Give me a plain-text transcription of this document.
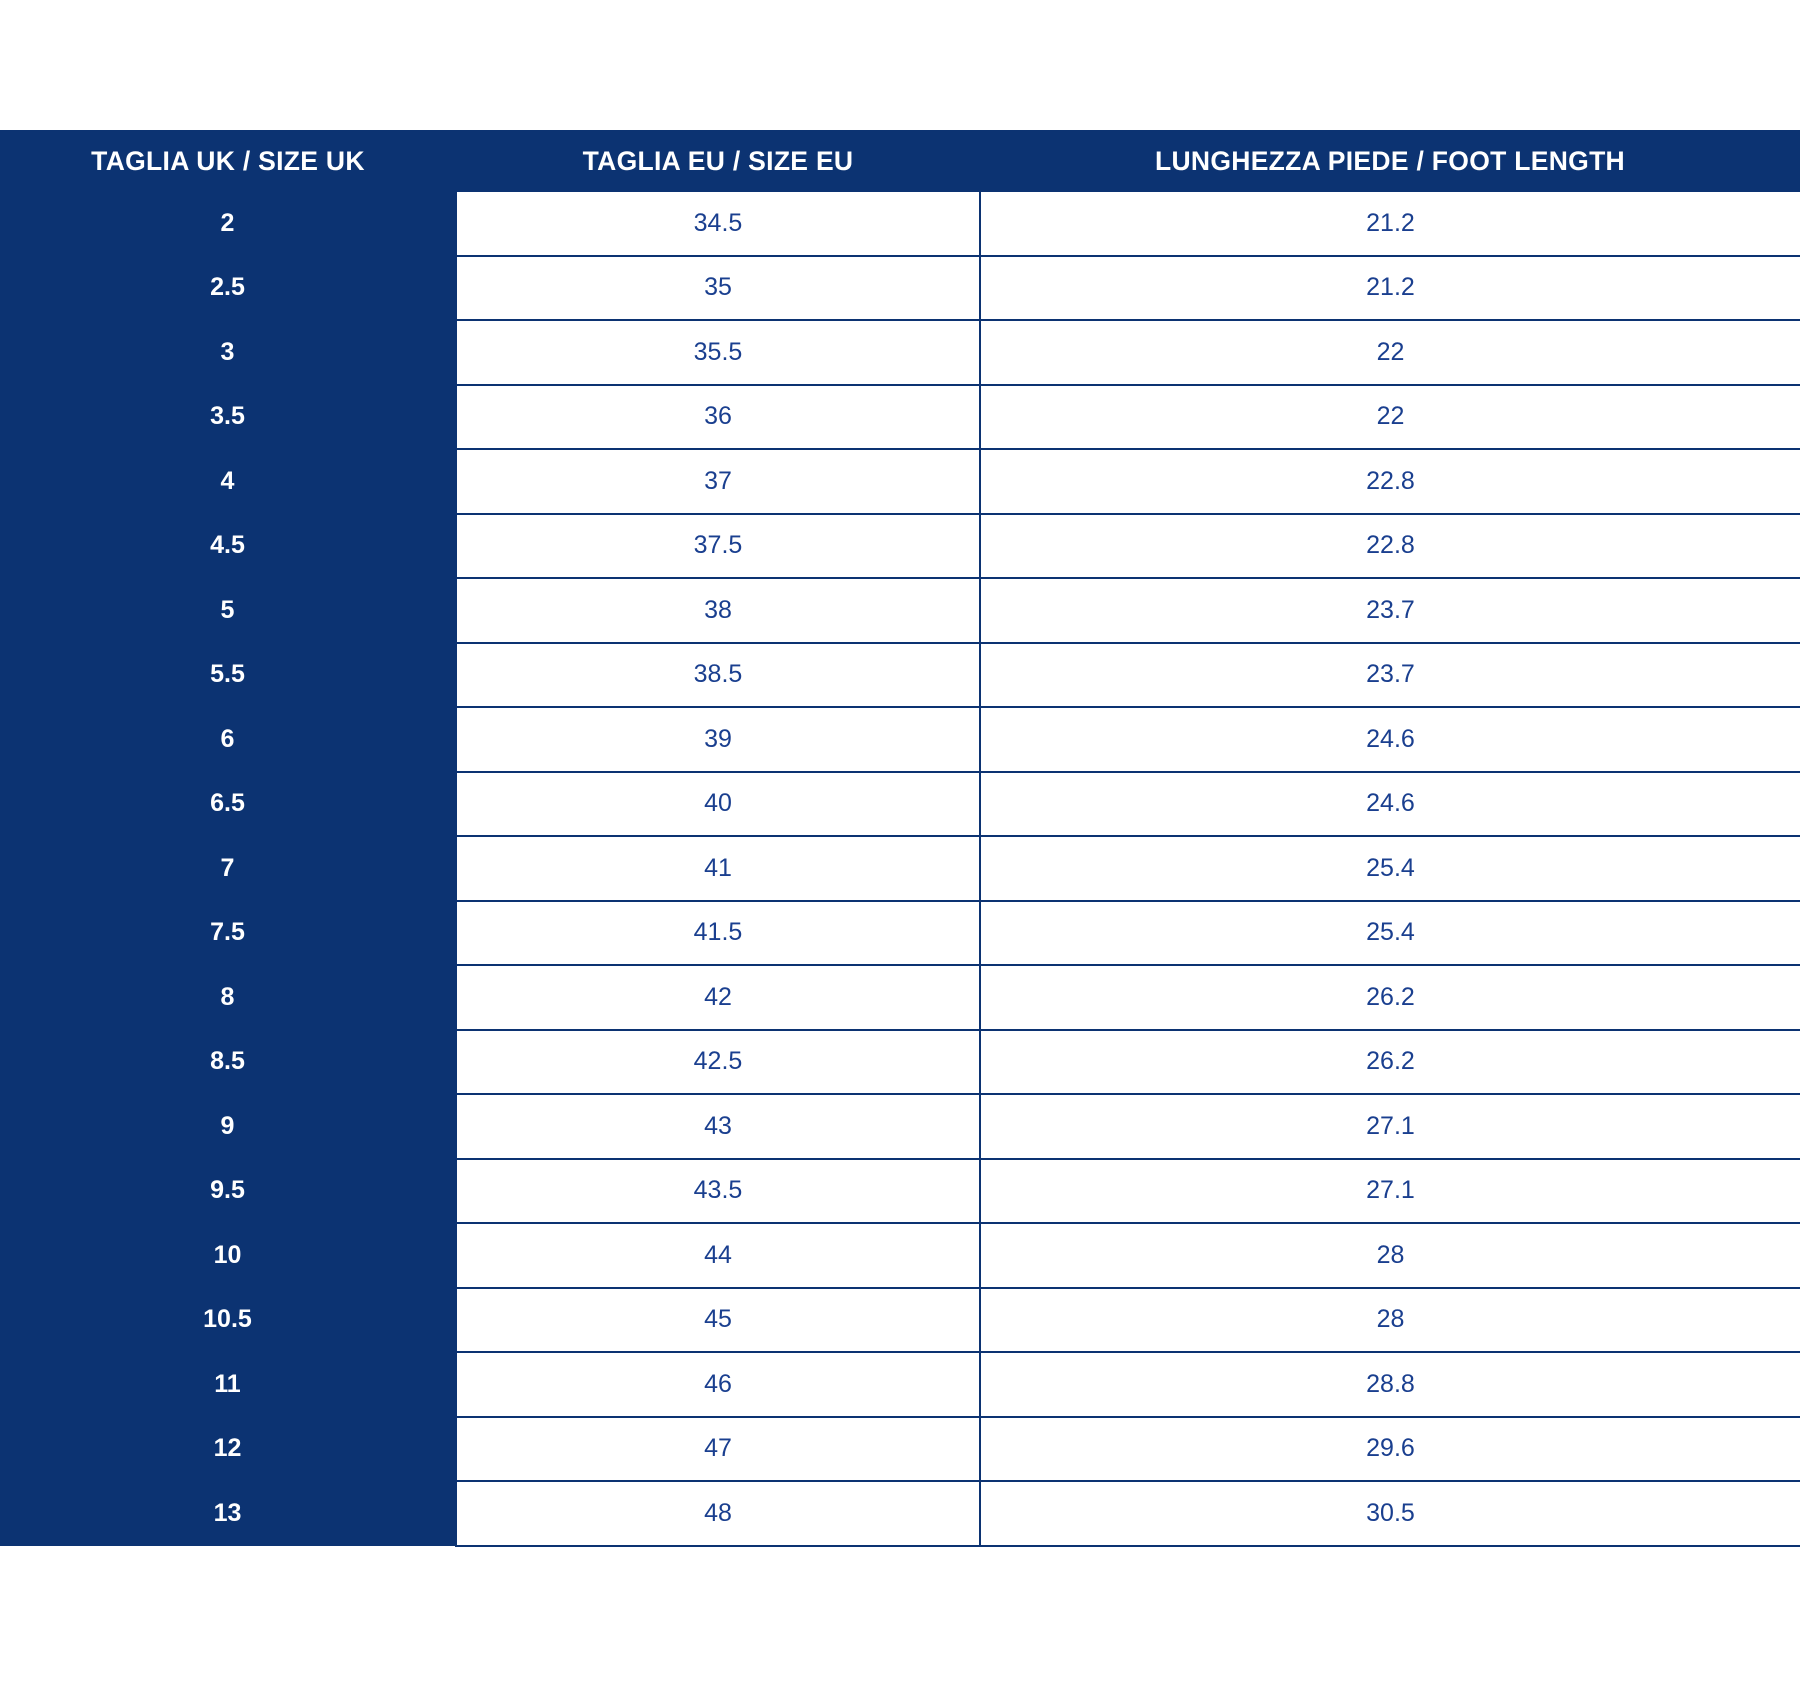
TAGLIA UK / SIZE UK	TAGLIA EU / SIZE EU	LUNGHEZZA PIEDE / FOOT LENGTH
2	34.5	21.2
2.5	35	21.2
3	35.5	22
3.5	36	22
4	37	22.8
4.5	37.5	22.8
5	38	23.7
5.5	38.5	23.7
6	39	24.6
6.5	40	24.6
7	41	25.4
7.5	41.5	25.4
8	42	26.2
8.5	42.5	26.2
9	43	27.1
9.5	43.5	27.1
10	44	28
10.5	45	28
11	46	28.8
12	47	29.6
13	48	30.5
